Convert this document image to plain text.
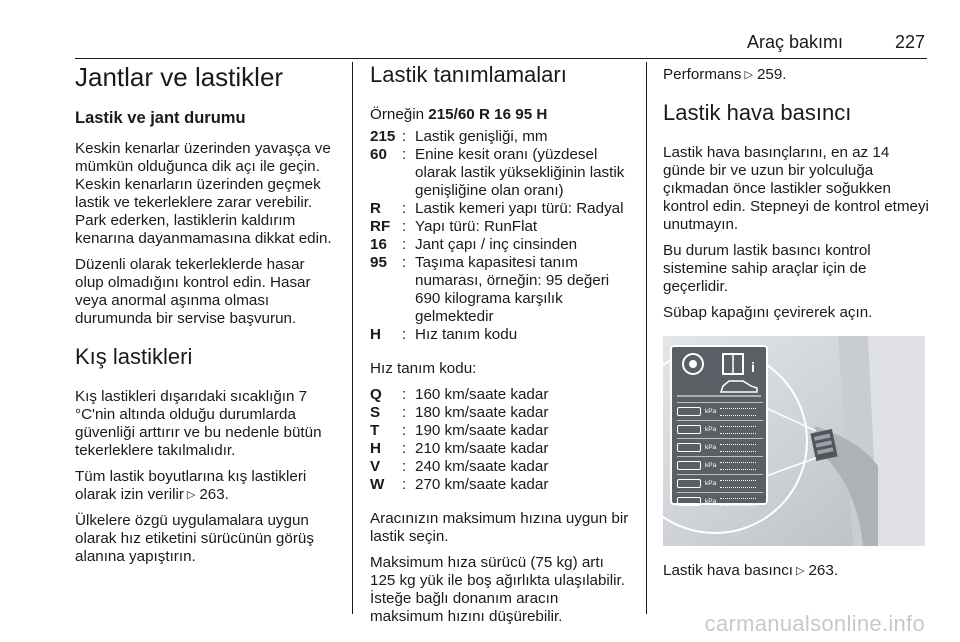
Araç bakımı	227
Jantlar ve lastikler
Lastik ve jant durumu

Keskin kenarlar üzerinden yavaşça ve mümkün olduğunca dik açı ile geçin. Keskin kenarların üzerinden geçmek lastik ve tekerleklere zarar verebilir. Park ederken, lastiklerin kaldırım kenarına dayanmamasına dikkat edin.

Düzenli olarak tekerleklerde hasar olup olmadığını kontrol edin. Hasar veya anormal aşınma olması durumunda bir servise başvurun.

Kış lastikleri

Kış lastikleri dışarıdaki sıcaklığın 7 °C'nin altında olduğu durumlarda güvenliği arttırır ve bu nedenle bütün tekerleklere takılmalıdır.

Tüm lastik boyutlarına kış lastikleri olarak izin verilir ▷ 263.

Ülkelere özgü uygulamalara uygun olarak hız etiketini sürücünün görüş alanına yapıştırın.

Lastik tanımlamaları

Örneğin 215/60 R 16 95 H

215 : Lastik genişliği, mm
60 : Enine kesit oranı (yüzdesel olarak lastik yüksekliğinin lastik genişliğine olan oranı)
R	: Lastik kemeri yapı türü: Radyal
RF : Yapı türü: RunFlat
16 : Jant çapı / inç cinsinden
95 : Taşıma kapasitesi tanım numarası, örneğin: 95 değeri 690 kilograma karşılık gelmektedir
H	: Hız tanım kodu

Hız tanım kodu:

Q	: 160 km/saate kadar
S	: 180 km/saate kadar
T	: 190 km/saate kadar
H	: 210 km/saate kadar
V	: 240 km/saate kadar
W	: 270 km/saate kadar

Aracınızın maksimum hızına uygun bir lastik seçin.

Maksimum hıza sürücü (75 kg) artı 125 kg yük ile boş ağırlıkta ulaşılabilir. İsteğe bağlı donanım aracın maksimum hızını düşürebilir.

Performans ▷ 259.

Lastik hava basıncı

Lastik hava basınçlarını, en az 14 günde bir ve uzun bir yolculuğa çıkmadan önce lastikler soğukken kontrol edin. Stepneyi de kontrol etmeyi unutmayın.

Bu durum lastik basıncı kontrol sistemine sahip araçlar için de geçerlidir.

Sübap kapağını çevirerek açın.

i
kPa
kPa
kPa
kPa
kPa
kPa

Lastik hava basıncı ▷ 263.

carmanualsonline.info
